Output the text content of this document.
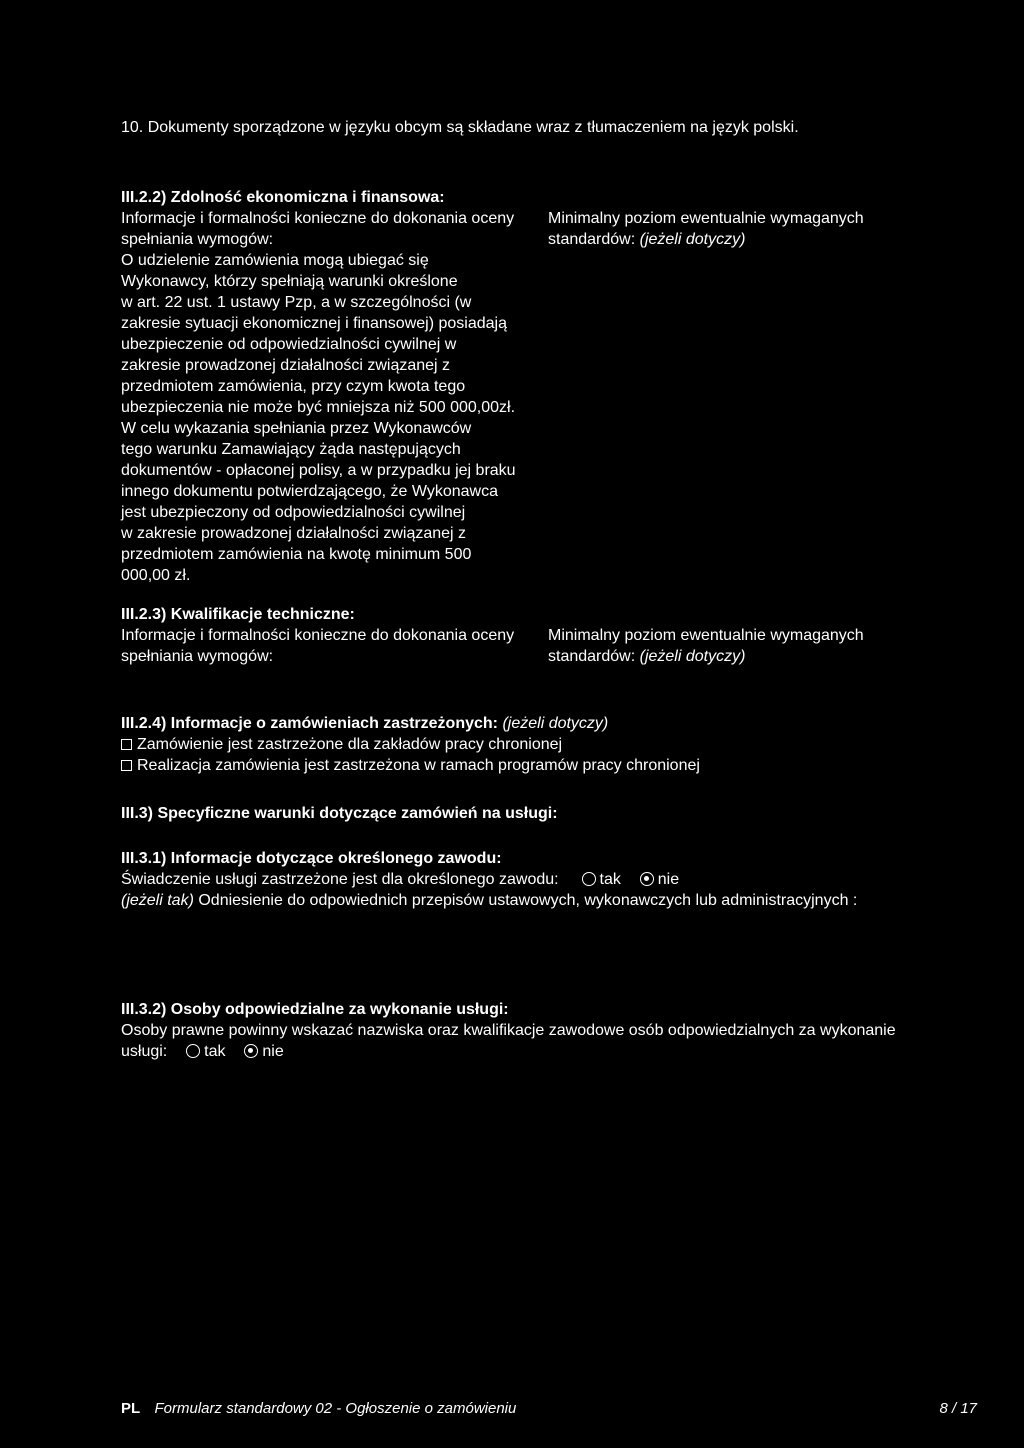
10. Dokumenty sporządzone w języku obcym są składane wraz z tłumaczeniem na język polski.
III.2.2) Zdolność ekonomiczna i finansowa:
Informacje i formalności konieczne do dokonania oceny
spełniania wymogów:
Minimalny poziom ewentualnie wymaganych
standardów: (jeżeli dotyczy)
O udzielenie zamówienia mogą ubiegać się
Wykonawcy, którzy spełniają warunki określone
w art. 22 ust. 1 ustawy Pzp, a w szczególności (w
zakresie sytuacji ekonomicznej i finansowej) posiadają
ubezpieczenie od odpowiedzialności cywilnej w
zakresie prowadzonej działalności związanej z
przedmiotem zamówienia, przy czym kwota tego
ubezpieczenia nie może być mniejsza niż 500 000,00zł.
W celu wykazania spełniania przez Wykonawców
tego warunku Zamawiający żąda następujących
dokumentów - opłaconej polisy, a w przypadku jej braku
innego dokumentu potwierdzającego, że Wykonawca
jest ubezpieczony od odpowiedzialności cywilnej
w zakresie prowadzonej działalności związanej z
przedmiotem zamówienia na kwotę minimum 500
000,00 zł.
III.2.3) Kwalifikacje techniczne:
Informacje i formalności konieczne do dokonania oceny
spełniania wymogów:
Minimalny poziom ewentualnie wymaganych
standardów: (jeżeli dotyczy)
III.2.4) Informacje o zamówieniach zastrzeżonych: (jeżeli dotyczy)
Zamówienie jest zastrzeżone dla zakładów pracy chronionej
Realizacja zamówienia jest zastrzeżona w ramach programów pracy chronionej
III.3) Specyficzne warunki dotyczące zamówień na usługi:
III.3.1) Informacje dotyczące określonego zawodu:
Świadczenie usługi zastrzeżone jest dla określonego zawodu:	tak nie
(jeżeli tak) Odniesienie do odpowiednich przepisów ustawowych, wykonawczych lub administracyjnych :
III.3.2) Osoby odpowiedzialne za wykonanie usługi:
Osoby prawne powinny wskazać nazwiska oraz kwalifikacje zawodowe osób odpowiedzialnych za wykonanie
usługi: tak nie
PL Formularz standardowy 02 - Ogłoszenie o zamówieniu	8 / 17
